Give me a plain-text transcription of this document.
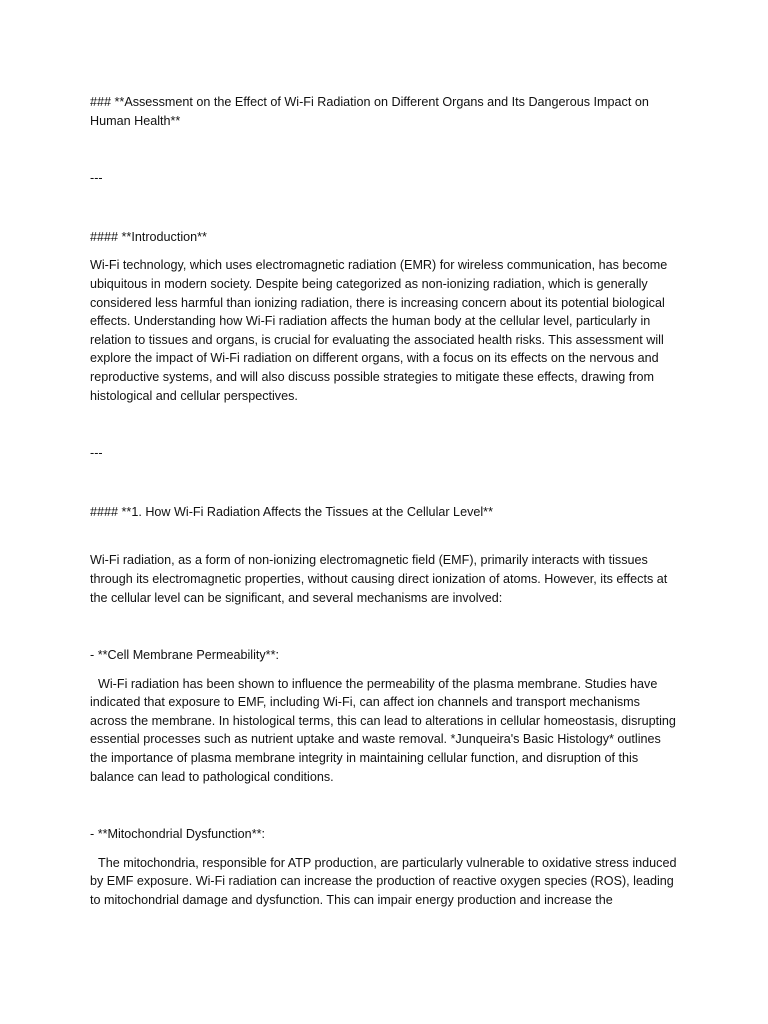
### **Assessment on the Effect of Wi-Fi Radiation on Different Organs and Its Dangerous Impact on Human Health**

---

#### **Introduction**

Wi-Fi technology, which uses electromagnetic radiation (EMR) for wireless communication, has become ubiquitous in modern society. Despite being categorized as non-ionizing radiation, which is generally considered less harmful than ionizing radiation, there is increasing concern about its potential biological effects. Understanding how Wi-Fi radiation affects the human body at the cellular level, particularly in relation to tissues and organs, is crucial for evaluating the associated health risks. This assessment will explore the impact of Wi-Fi radiation on different organs, with a focus on its effects on the nervous and reproductive systems, and will also discuss possible strategies to mitigate these effects, drawing from histological and cellular perspectives.

---

#### **1. How Wi-Fi Radiation Affects the Tissues at the Cellular Level**

Wi-Fi radiation, as a form of non-ionizing electromagnetic field (EMF), primarily interacts with tissues through its electromagnetic properties, without causing direct ionization of atoms. However, its effects at the cellular level can be significant, and several mechanisms are involved:

- **Cell Membrane Permeability**:

Wi-Fi radiation has been shown to influence the permeability of the plasma membrane. Studies have indicated that exposure to EMF, including Wi-Fi, can affect ion channels and transport mechanisms across the membrane. In histological terms, this can lead to alterations in cellular homeostasis, disrupting essential processes such as nutrient uptake and waste removal. *Junqueira's Basic Histology* outlines the importance of plasma membrane integrity in maintaining cellular function, and disruption of this balance can lead to pathological conditions.

- **Mitochondrial Dysfunction**:

The mitochondria, responsible for ATP production, are particularly vulnerable to oxidative stress induced by EMF exposure. Wi-Fi radiation can increase the production of reactive oxygen species (ROS), leading to mitochondrial damage and dysfunction. This can impair energy production and increase the
